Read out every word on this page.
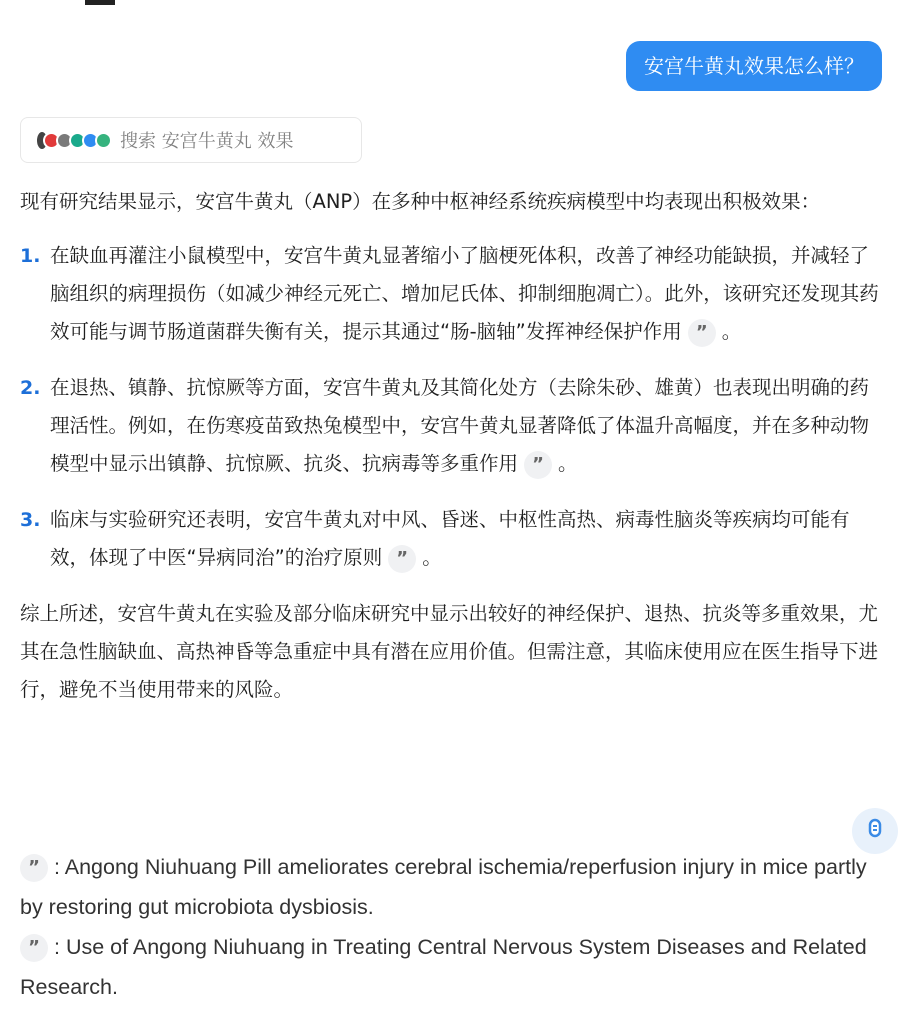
安宫牛黄丸效果怎么样？
搜索 安宫牛黄丸 效果

现有研究结果显示，安宫牛黄丸（ANP）在多种中枢神经系统疾病模型中均表现出积极效果：

1. 在缺血再灌注小鼠模型中，安宫牛黄丸显著缩小了脑梗死体积，改善了神经功能缺损，并减轻了脑组织的病理损伤（如减少神经元死亡、增加尼氏体、抑制细胞凋亡）。此外，该研究还发现其药效可能与调节肠道菌群失衡有关，提示其通过“肠-脑轴”发挥神经保护作用 ” 。
2. 在退热、镇静、抗惊厥等方面，安宫牛黄丸及其简化处方（去除朱砂、雄黄）也表现出明确的药理活性。例如，在伤寒疫苗致热兔模型中，安宫牛黄丸显著降低了体温升高幅度，并在多种动物模型中显示出镇静、抗惊厥、抗炎、抗病毒等多重作用 ” 。
3. 临床与实验研究还表明，安宫牛黄丸对中风、昏迷、中枢性高热、病毒性脑炎等疾病均可能有效，体现了中医“异病同治”的治疗原则 ” 。

综上所述，安宫牛黄丸在实验及部分临床研究中显示出较好的神经保护、退热、抗炎等多重效果，尤其在急性脑缺血、高热神昏等急重症中具有潜在应用价值。但需注意，其临床使用应在医生指导下进行，避免不当使用带来的风险。

” : Angong Niuhuang Pill ameliorates cerebral ischemia/reperfusion injury in mice partly by restoring gut microbiota dysbiosis.

” : Use of Angong Niuhuang in Treating Central Nervous System Diseases and Related Research.
